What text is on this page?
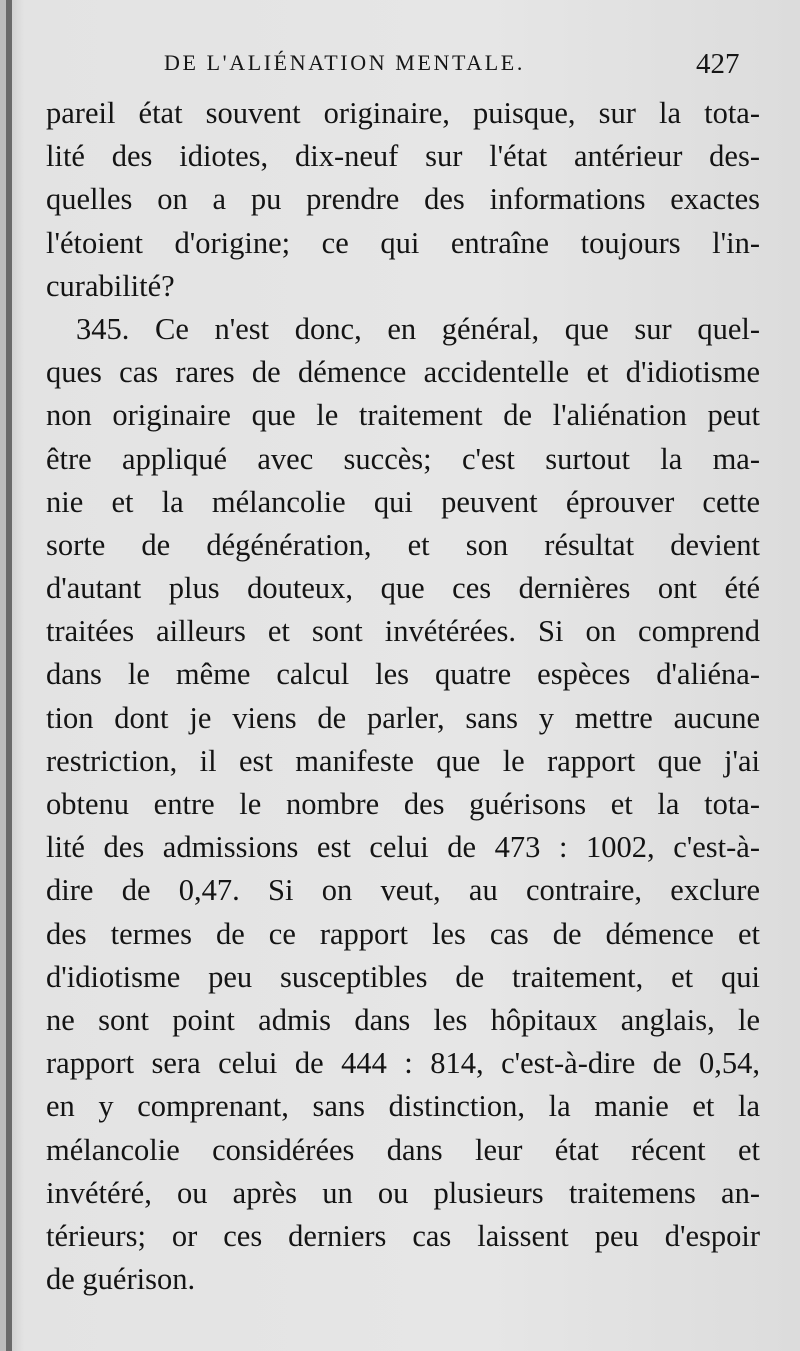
DE L'ALIÉNATION MENTALE.	427
pareil état souvent originaire, puisque, sur la tota-
lité des idiotes, dix-neuf sur l'état antérieur des-
quelles on a pu prendre des informations exactes
l'étoient d'origine; ce qui entraîne toujours l'in-
curabilité?
345. Ce n'est donc, en général, que sur quel-
ques cas rares de démence accidentelle et d'idiotisme
non originaire que le traitement de l'aliénation peut
être appliqué avec succès; c'est surtout la ma-
nie et la mélancolie qui peuvent éprouver cette
sorte de dégénération, et son résultat devient
d'autant plus douteux, que ces dernières ont été
traitées ailleurs et sont invétérées. Si on comprend
dans le même calcul les quatre espèces d'aliéna-
tion dont je viens de parler, sans y mettre aucune
restriction, il est manifeste que le rapport que j'ai
obtenu entre le nombre des guérisons et la tota-
lité des admissions est celui de 473 : 1002, c'est-à-
dire de 0,47. Si on veut, au contraire, exclure
des termes de ce rapport les cas de démence et
d'idiotisme peu susceptibles de traitement, et qui
ne sont point admis dans les hôpitaux anglais, le
rapport sera celui de 444 : 814, c'est-à-dire de 0,54,
en y comprenant, sans distinction, la manie et la
mélancolie considérées dans leur état récent et
invétéré, ou après un ou plusieurs traitemens an-
térieurs; or ces derniers cas laissent peu d'espoir
de guérison.
